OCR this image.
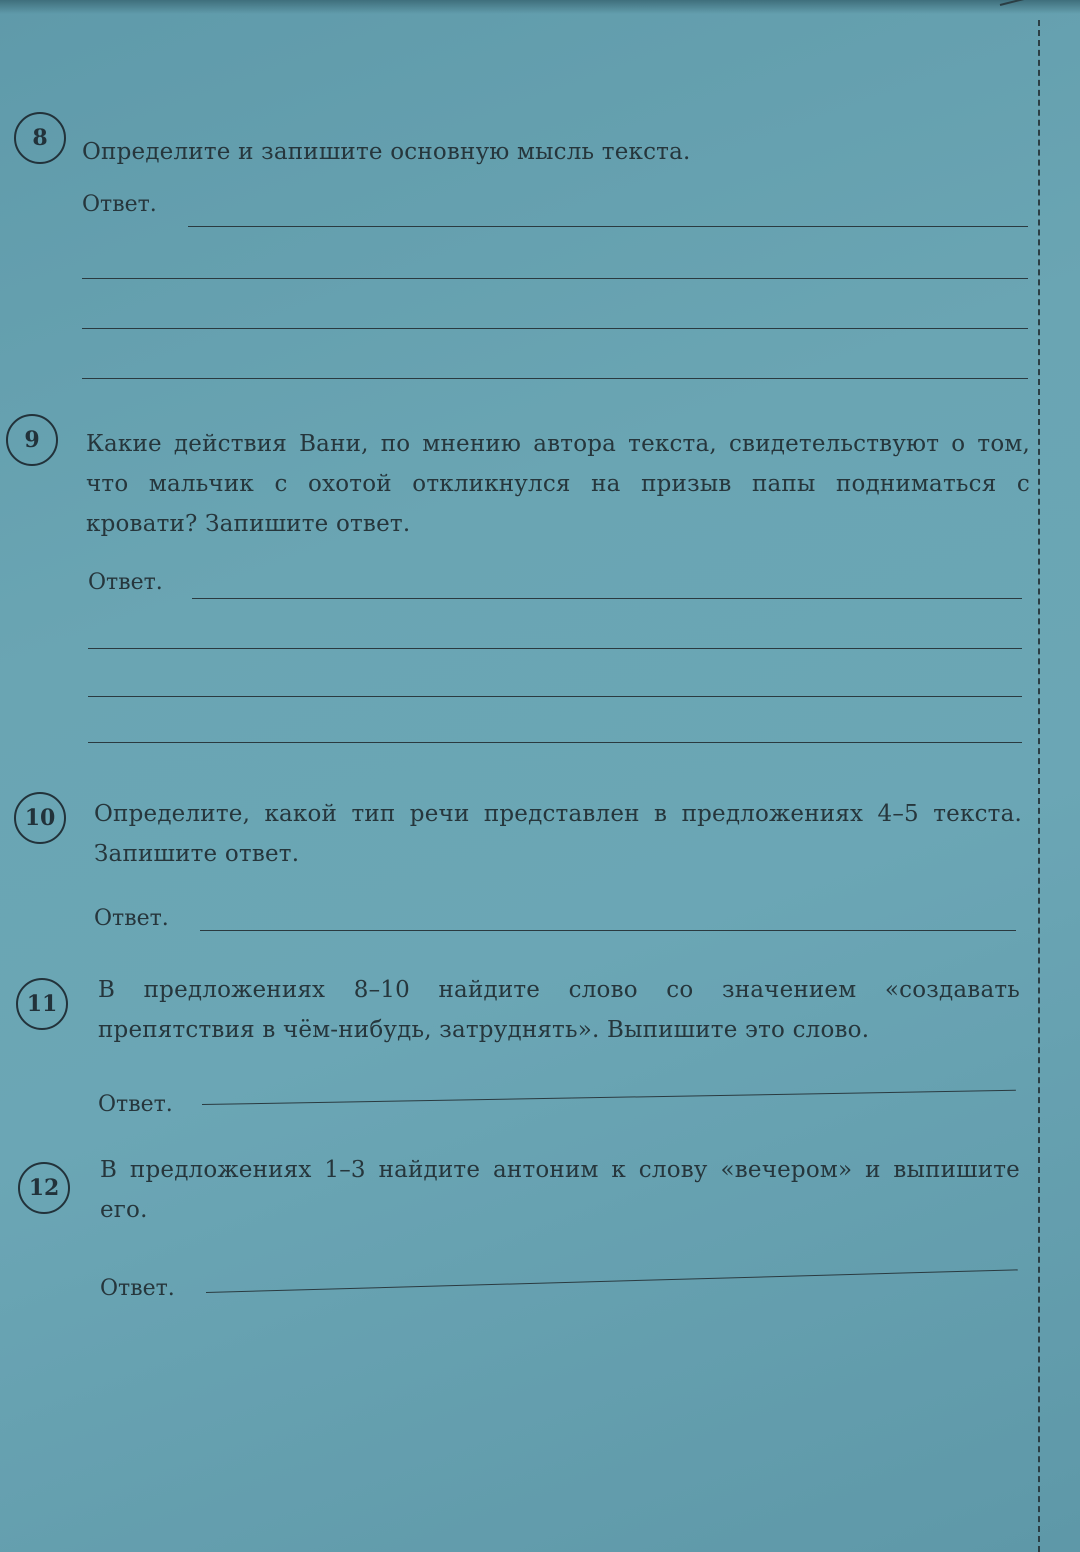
8
Определите и запишите основную мысль текста.
Ответ.
9	Какие действия Вани, по мнению автора текста, свидетельствуют о том, что мальчик с охотой откликнулся на призыв папы подниматься с кровати? Запишите ответ.
Ответ.
10	Определите, какой тип речи представлен в предложениях 4–5 текста. Запишите ответ.
Ответ.
11
В предложениях 8–10 найдите слово со значением «создавать препятствия в чём-нибудь, затруднять». Выпишите это слово.
Ответ.
12
В предложениях 1–3 найдите антоним к слову «вечером» и выпишите его.
Ответ.
